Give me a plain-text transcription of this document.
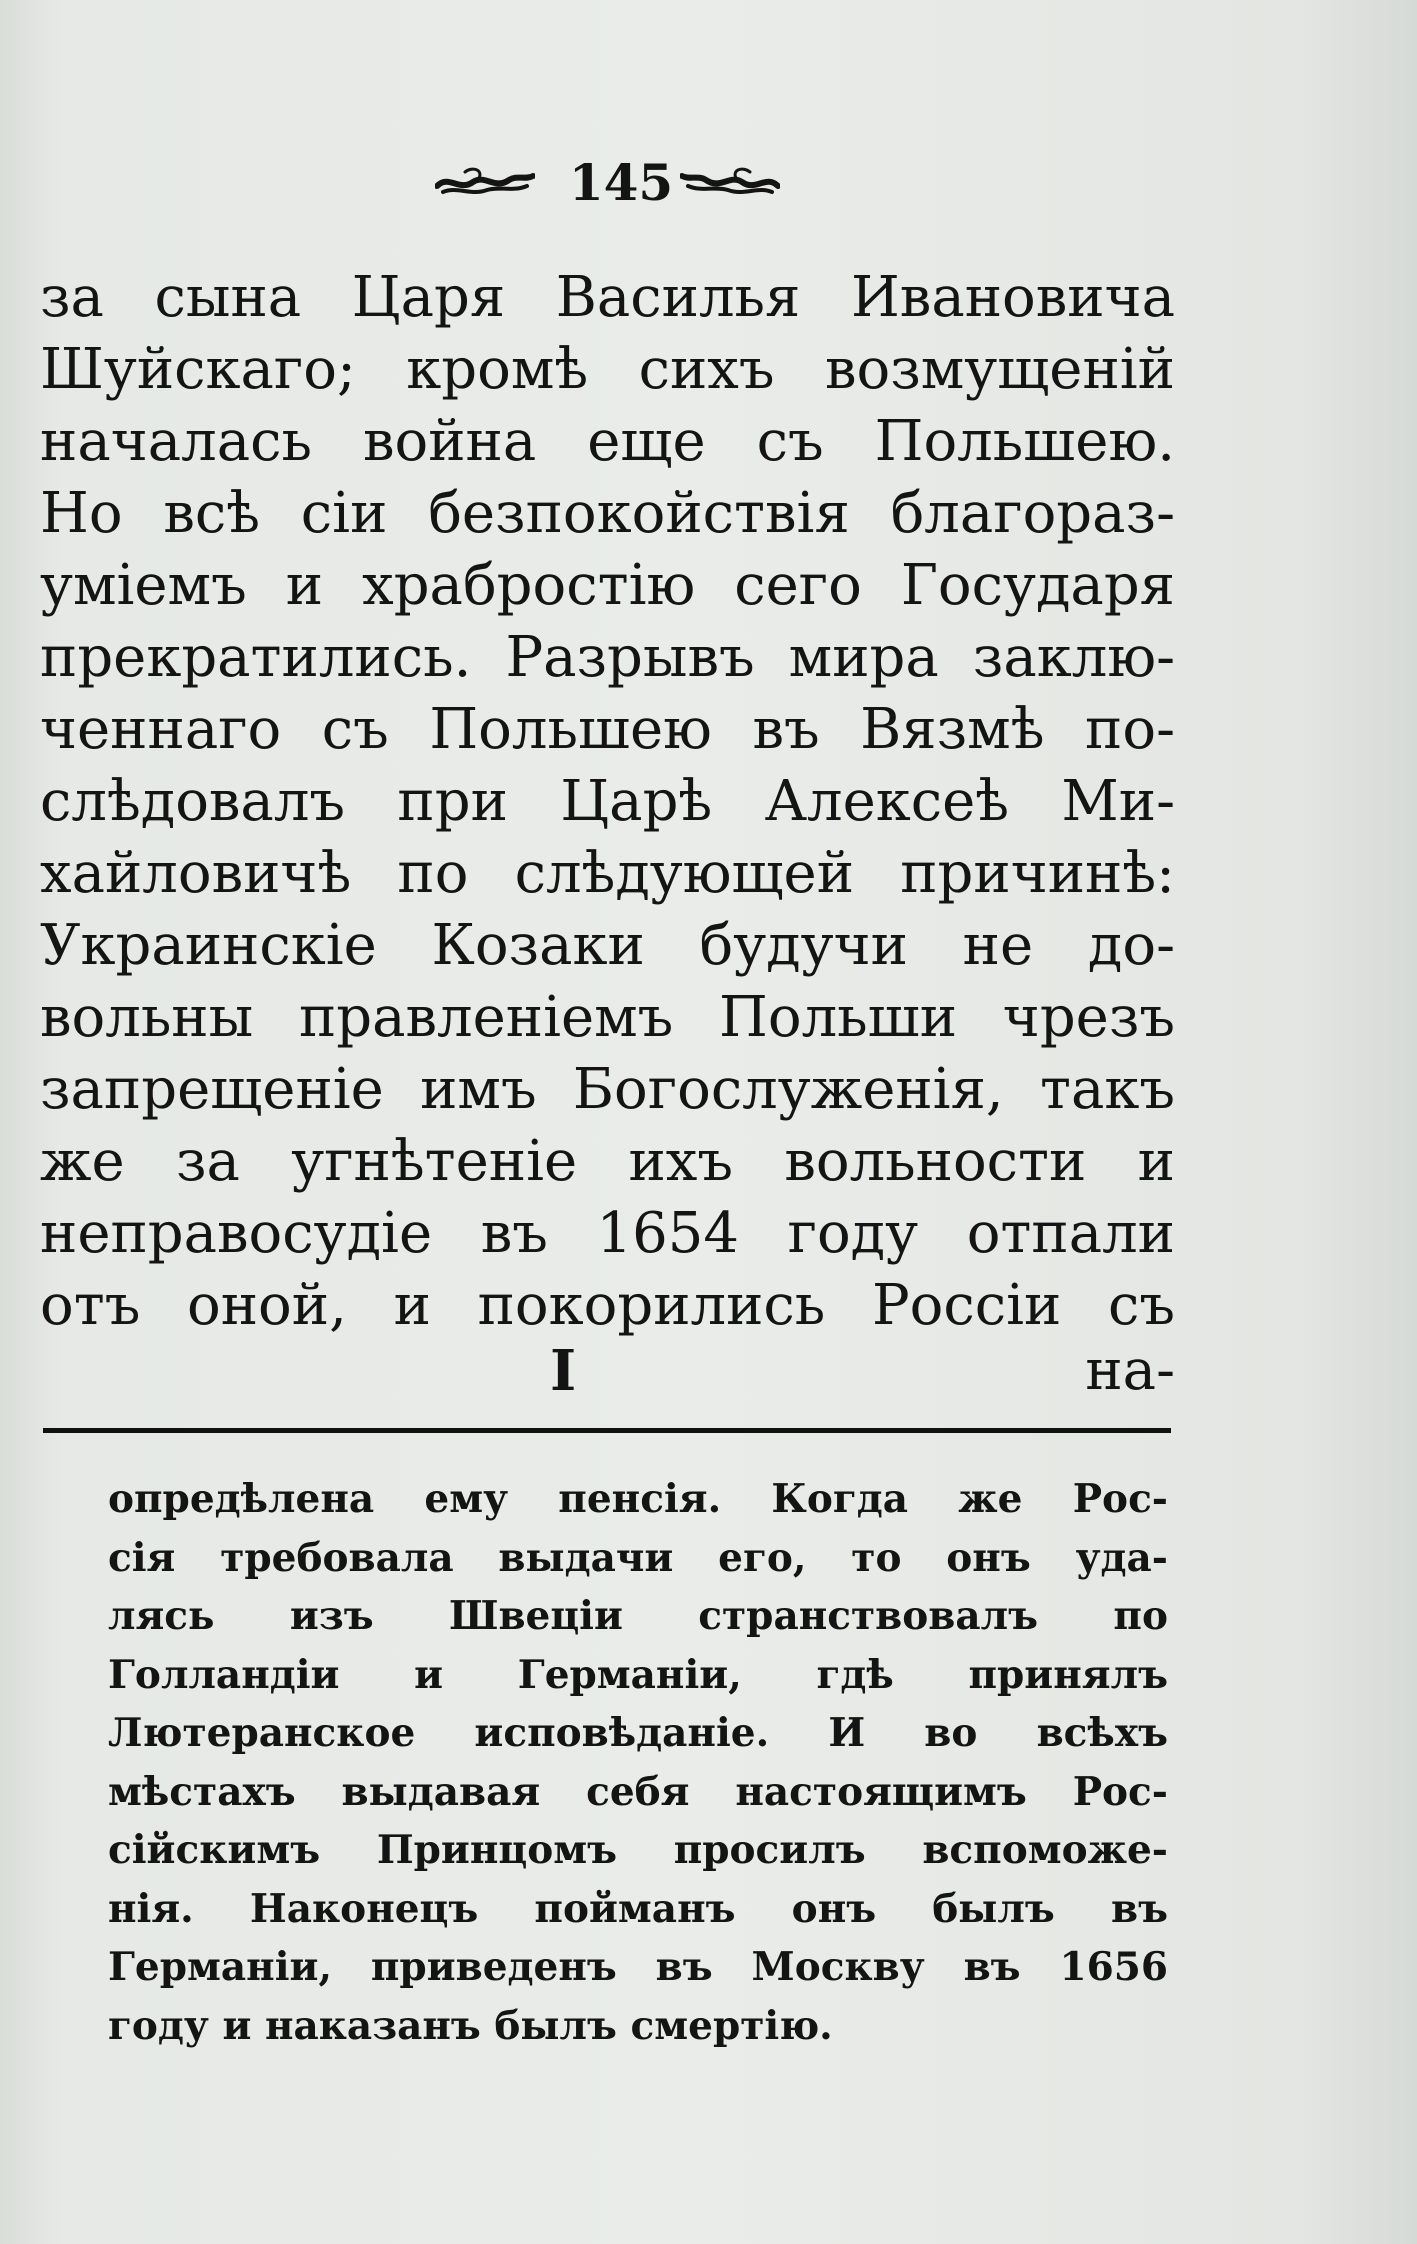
145
за сына Царя Василья Ивановича
Шуйскаго; кромѣ сихъ возмущенiй
началась война еще съ Польшею.
Но всѣ сiи безпокойствiя благораз-
умiемъ и храбростiю сего Государя
прекратились. Разрывъ мира заклю-
ченнаго съ Польшею въ Вязмѣ по-
слѣдовалъ при Царѣ Алексеѣ Ми-
хайловичѣ по слѣдующей причинѣ:
Украинскiе Козаки будучи не до-
вольны правленiемъ Польши чрезъ
запрещенiе имъ Богослуженiя, такъ
же за угнѣтенiе ихъ вольности и
неправосудiе въ 1654 году отпали
отъ оной, и покорились Россiи съ
I	на-
опредѣлена ему пенсiя. Когда же Рос-
сiя требовала выдачи его, то онъ уда-
лясь изъ Швецiи странствовалъ по
Голландiи и Германiи, гдѣ принялъ
Лютеранское исповѣданiе. И во всѣхъ
мѣстахъ выдавая себя настоящимъ Рос-
сiйскимъ Принцомъ просилъ вспоможе-
нiя. Наконецъ пойманъ онъ былъ въ
Германiи, приведенъ въ Москву въ 1656
году и наказанъ былъ смертiю.
